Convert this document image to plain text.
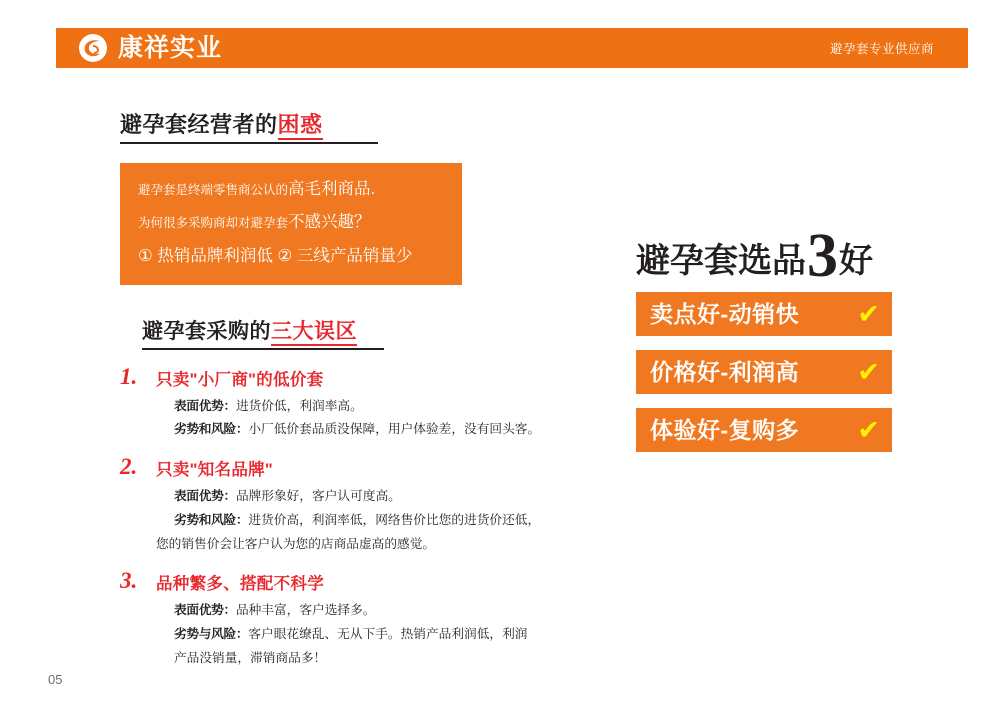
康祥实业	避孕套专业供应商
避孕套经营者的困惑
避孕套是终端零售商公认的高毛利商品.
为何很多采购商却对避孕套不感兴趣？
① 热销品牌利润低 ② 三线产品销量少
避孕套采购的三大误区
1. 只卖"小厂商"的低价套
表面优势：进货价低，利润率高。
劣势和风险：小厂低价套品质没保障，用户体验差，没有回头客。
2. 只卖"知名品牌"
表面优势：品牌形象好，客户认可度高。
劣势和风险：进货价高，利润率低，网络售价比您的进货价还低，
您的销售价会让客户认为您的店商品虚高的感觉。
3. 品种繁多、搭配不科学
表面优势：品种丰富，客户选择多。
劣势与风险：客户眼花缭乱、无从下手。热销产品利润低，利润
产品没销量，滞销商品多！
避孕套选品 3 好
卖点好-动销快 ✔
价格好-利润高 ✔
体验好-复购多 ✔
05
